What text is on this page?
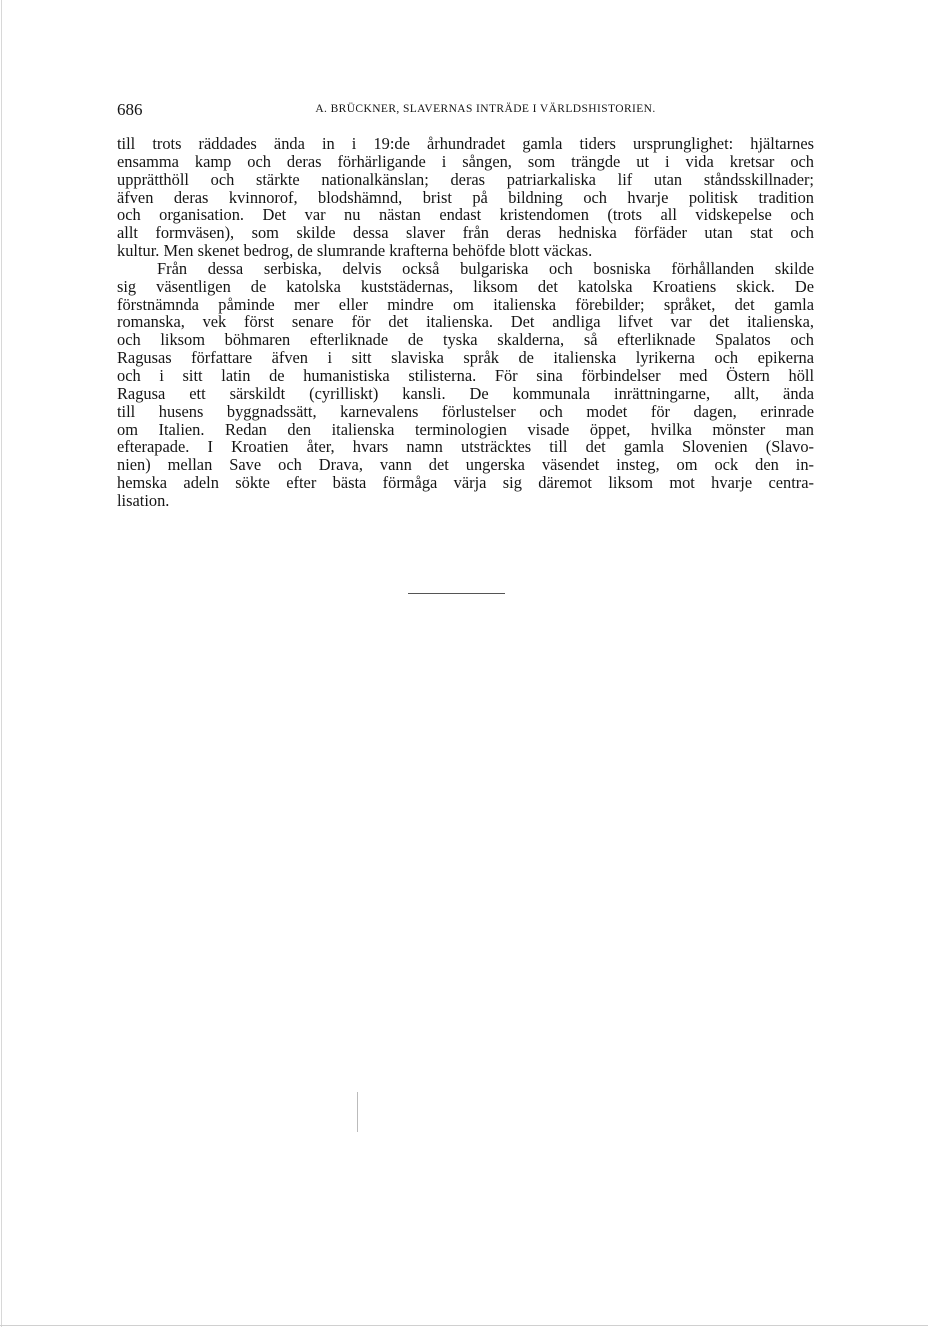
686	A. BRÜCKNER, SLAVERNAS INTRÄDE I VÄRLDSHISTORIEN.
till trots räddades ända in i 19:de århundradet gamla tiders ursprunglighet: hjältarnes
ensamma kamp och deras förhärligande i sången, som trängde ut i vida kretsar och
upprätthöll och stärkte nationalkänslan; deras patriarkaliska lif utan ståndsskillnader;
äfven deras kvinnorof, blodshämnd, brist på bildning och hvarje politisk tradition
och organisation. Det var nu nästan endast kristendomen (trots all vidskepelse och
allt formväsen), som skilde dessa slaver från deras hedniska förfäder utan stat och
kultur. Men skenet bedrog, de slumrande krafterna behöfde blott väckas.
Från dessa serbiska, delvis också bulgariska och bosniska förhållanden skilde
sig väsentligen de katolska kuststädernas, liksom det katolska Kroatiens skick. De
förstnämnda påminde mer eller mindre om italienska förebilder; språket, det gamla
romanska, vek först senare för det italienska. Det andliga lifvet var det italienska,
och liksom böhmaren efterliknade de tyska skalderna, så efterliknade Spalatos och
Ragusas författare äfven i sitt slaviska språk de italienska lyrikerna och epikerna
och i sitt latin de humanistiska stilisterna. För sina förbindelser med Östern höll
Ragusa ett särskildt (cyrilliskt) kansli. De kommunala inrättningarne, allt, ända
till husens byggnadssätt, karnevalens förlustelser och modet för dagen, erinrade
om Italien. Redan den italienska terminologien visade öppet, hvilka mönster man
efterapade. I Kroatien åter, hvars namn utsträcktes till det gamla Slovenien (Slavo-
nien) mellan Save och Drava, vann det ungerska väsendet insteg, om ock den in-
hemska adeln sökte efter bästa förmåga värja sig däremot liksom mot hvarje centra-
lisation.
